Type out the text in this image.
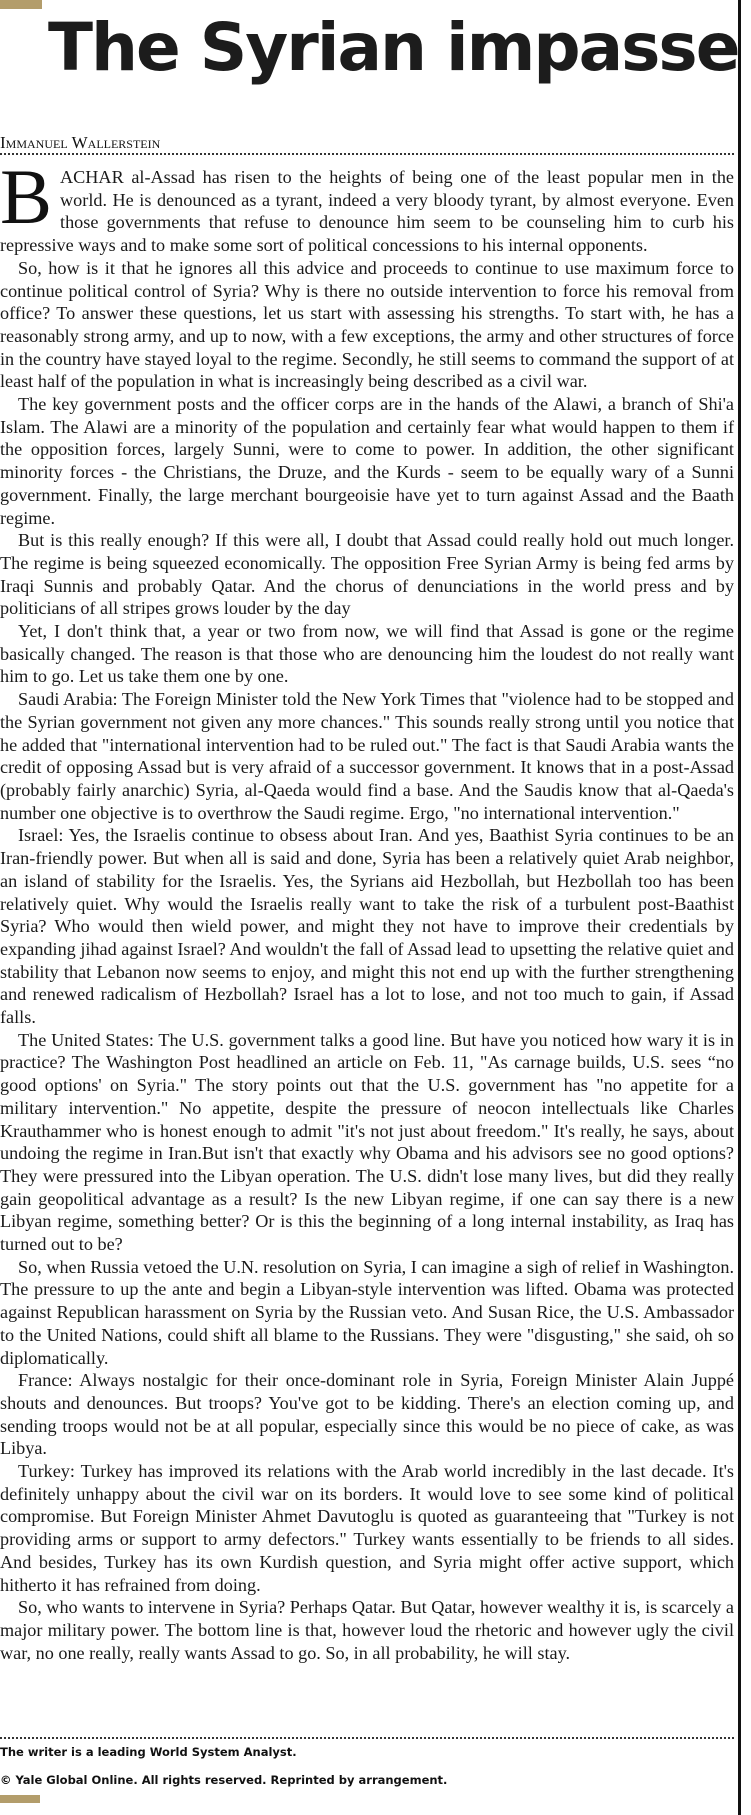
The Syrian impasse
Immanuel Wallerstein

BACHAR al-Assad has risen to the heights of being one of the least popular men in the world. He is denounced as a tyrant, indeed a very bloody tyrant, by almost everyone. Even those governments that refuse to denounce him seem to be counseling him to curb his repressive ways and to make some sort of political concessions to his internal opponents.

So, how is it that he ignores all this advice and proceeds to continue to use maximum force to continue political control of Syria? Why is there no outside intervention to force his removal from office? To answer these questions, let us start with assessing his strengths. To start with, he has a reasonably strong army, and up to now, with a few exceptions, the army and other structures of force in the country have stayed loyal to the regime. Secondly, he still seems to command the support of at least half of the population in what is increasingly being described as a civil war.

The key government posts and the officer corps are in the hands of the Alawi, a branch of Shi'a Islam. The Alawi are a minority of the population and certainly fear what would happen to them if the opposition forces, largely Sunni, were to come to power. In addition, the other significant minority forces - the Christians, the Druze, and the Kurds - seem to be equally wary of a Sunni government. Finally, the large merchant bourgeoisie have yet to turn against Assad and the Baath regime.

But is this really enough? If this were all, I doubt that Assad could really hold out much longer. The regime is being squeezed economically. The opposition Free Syrian Army is being fed arms by Iraqi Sunnis and probably Qatar. And the chorus of denunciations in the world press and by politicians of all stripes grows louder by the day

Yet, I don't think that, a year or two from now, we will find that Assad is gone or the regime basically changed. The reason is that those who are denouncing him the loudest do not really want him to go. Let us take them one by one.

Saudi Arabia: The Foreign Minister told the New York Times that "violence had to be stopped and the Syrian government not given any more chances." This sounds really strong until you notice that he added that "international intervention had to be ruled out." The fact is that Saudi Arabia wants the credit of opposing Assad but is very afraid of a successor government. It knows that in a post-Assad (probably fairly anarchic) Syria, al-Qaeda would find a base. And the Saudis know that al-Qaeda's number one objective is to overthrow the Saudi regime. Ergo, "no international intervention."

Israel: Yes, the Israelis continue to obsess about Iran. And yes, Baathist Syria continues to be an Iran-friendly power. But when all is said and done, Syria has been a relatively quiet Arab neighbor, an island of stability for the Israelis. Yes, the Syrians aid Hezbollah, but Hezbollah too has been relatively quiet. Why would the Israelis really want to take the risk of a turbulent post-Baathist Syria? Who would then wield power, and might they not have to improve their credentials by expanding jihad against Israel? And wouldn't the fall of Assad lead to upsetting the relative quiet and stability that Lebanon now seems to enjoy, and might this not end up with the further strengthening and renewed radicalism of Hezbollah? Israel has a lot to lose, and not too much to gain, if Assad falls.

The United States: The U.S. government talks a good line. But have you noticed how wary it is in practice? The Washington Post headlined an article on Feb. 11, "As carnage builds, U.S. sees “no good options' on Syria." The story points out that the U.S. government has "no appetite for a military intervention." No appetite, despite the pressure of neocon intellectuals like Charles Krauthammer who is honest enough to admit "it's not just about freedom." It's really, he says, about undoing the regime in Iran.But isn't that exactly why Obama and his advisors see no good options? They were pressured into the Libyan operation. The U.S. didn't lose many lives, but did they really gain geopolitical advantage as a result? Is the new Libyan regime, if one can say there is a new Libyan regime, something better? Or is this the beginning of a long internal instability, as Iraq has turned out to be?

So, when Russia vetoed the U.N. resolution on Syria, I can imagine a sigh of relief in Washington. The pressure to up the ante and begin a Libyan-style intervention was lifted. Obama was protected against Republican harassment on Syria by the Russian veto. And Susan Rice, the U.S. Ambassador to the United Nations, could shift all blame to the Russians. They were "disgusting," she said, oh so diplomatically.

France: Always nostalgic for their once-dominant role in Syria, Foreign Minister Alain Juppé shouts and denounces. But troops? You've got to be kidding. There's an election coming up, and sending troops would not be at all popular, especially since this would be no piece of cake, as was Libya.

Turkey: Turkey has improved its relations with the Arab world incredibly in the last decade. It's definitely unhappy about the civil war on its borders. It would love to see some kind of political compromise. But Foreign Minister Ahmet Davutoglu is quoted as guaranteeing that "Turkey is not providing arms or support to army defectors." Turkey wants essentially to be friends to all sides. And besides, Turkey has its own Kurdish question, and Syria might offer active support, which hitherto it has refrained from doing.

So, who wants to intervene in Syria? Perhaps Qatar. But Qatar, however wealthy it is, is scarcely a major military power. The bottom line is that, however loud the rhetoric and however ugly the civil war, no one really, really wants Assad to go. So, in all probability, he will stay.

The writer is a leading World System Analyst.
© Yale Global Online. All rights reserved. Reprinted by arrangement.
